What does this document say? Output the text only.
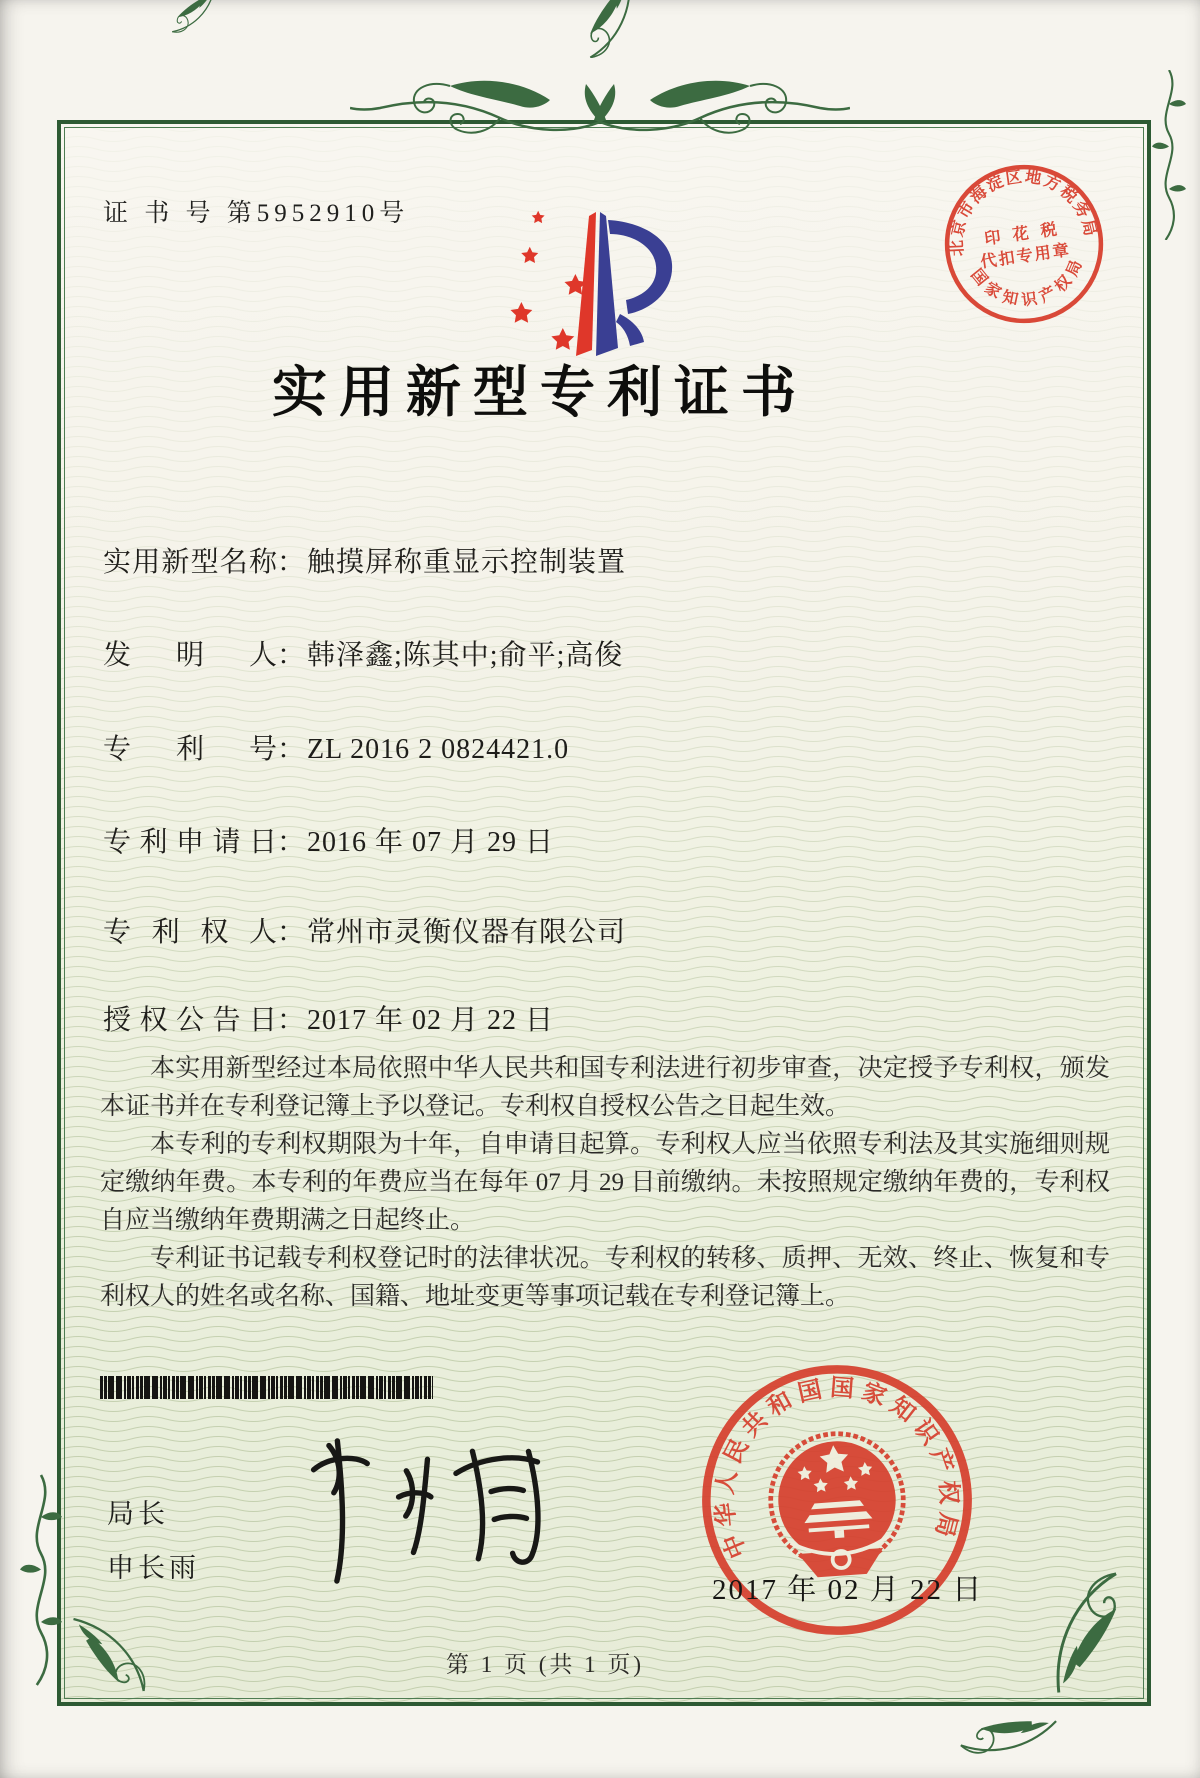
证 书 号 第5952910号
北京市海淀区地方税务局
印 花 税
代扣专用章
国家知识产权局
实用新型专利证书
实用新型名称：触摸屏称重显示控制装置
发明人：韩泽鑫;陈其中;俞平;高俊
专利号：ZL 2016 2 0824421.0
专利申请日：2016 年 07 月 29 日
专利权人：常州市灵衡仪器有限公司
授权公告日：2017 年 02 月 22 日

本实用新型经过本局依照中华人民共和国专利法进行初步审查，决定授予专利权，颁发本证书并在专利登记簿上予以登记。专利权自授权公告之日起生效。

本专利的专利权期限为十年，自申请日起算。专利权人应当依照专利法及其实施细则规定缴纳年费。本专利的年费应当在每年 07 月 29 日前缴纳。未按照规定缴纳年费的，专利权自应当缴纳年费期满之日起终止。

专利证书记载专利权登记时的法律状况。专利权的转移、质押、无效、终止、恢复和专利权人的姓名或名称、国籍、地址变更等事项记载在专利登记簿上。

局长
申长雨
中华人民共和国国家知识产权局
2017 年 02 月 22 日
第 1 页 (共 1 页)
